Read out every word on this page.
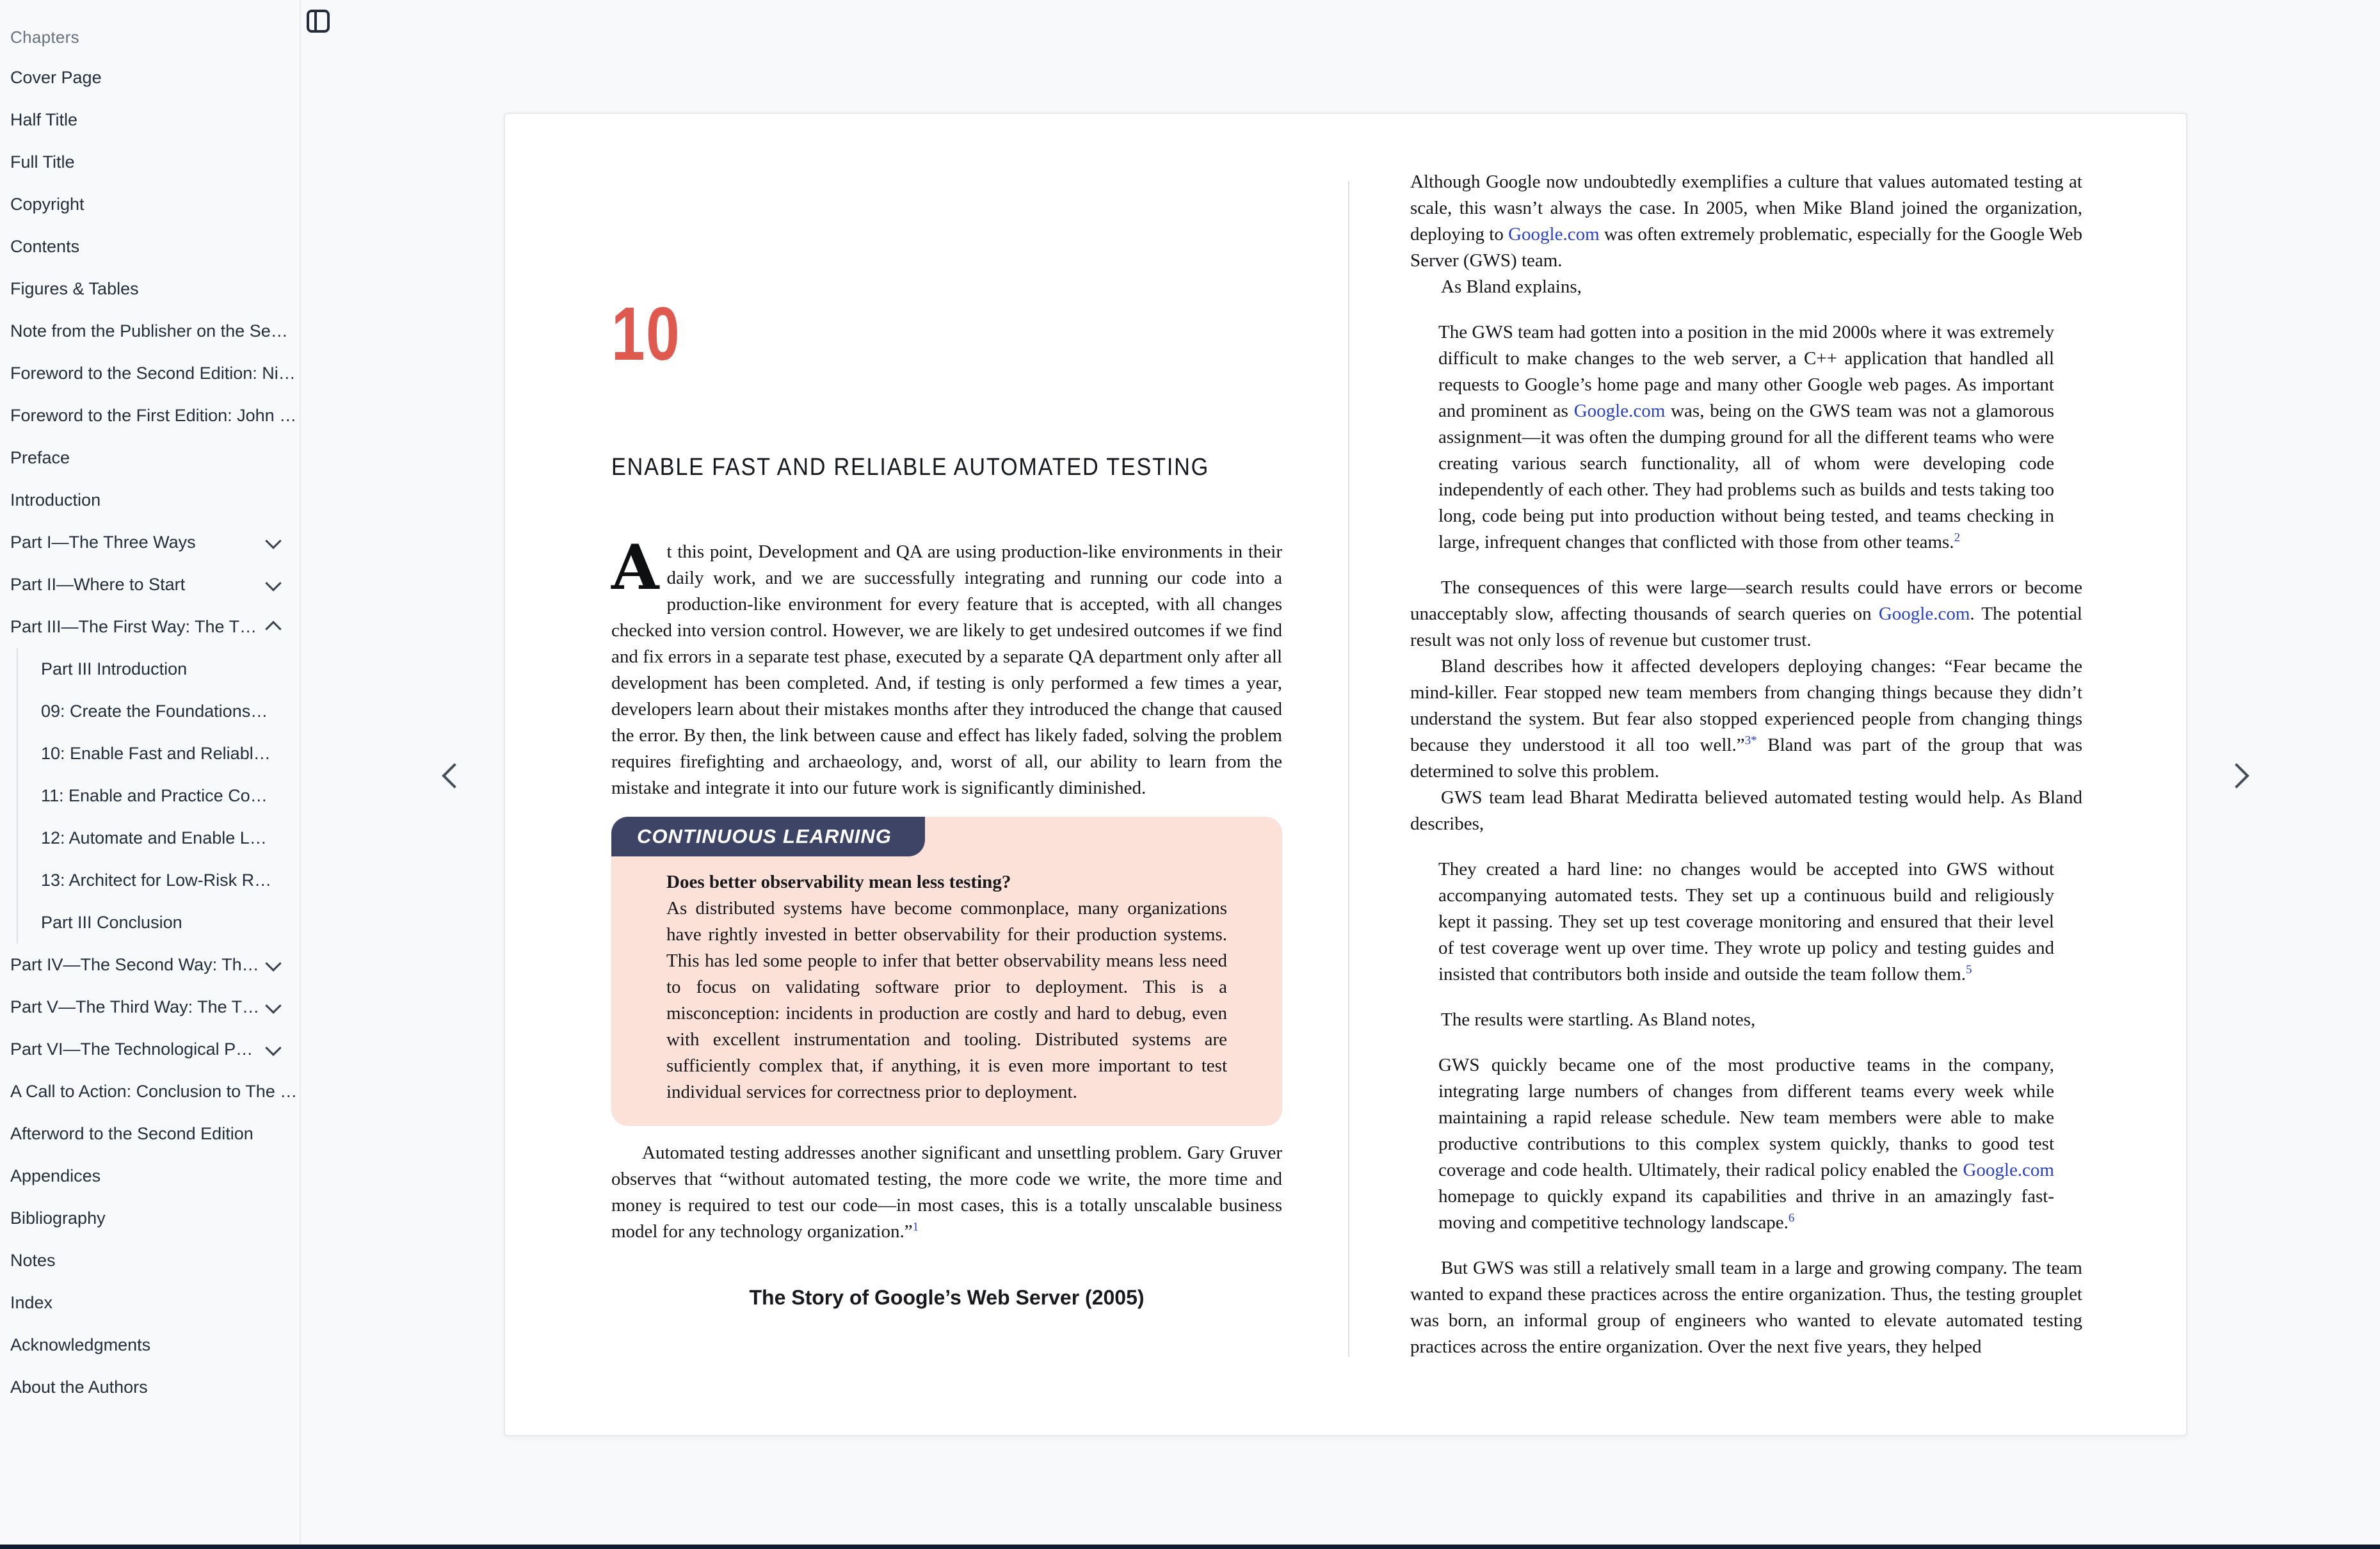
Chapters
Cover Page
Half Title
Full Title
Copyright
Contents
Figures & Tables
Note from the Publisher on the Se…
Foreword to the Second Edition: Ni…
Foreword to the First Edition: John …
Preface
Introduction
Part I—The Three Ways
Part II—Where to Start
Part III—The First Way: The T…
Part III Introduction
09: Create the Foundations…
10: Enable Fast and Reliabl…
11: Enable and Practice Co…
12: Automate and Enable L…
13: Architect for Low-Risk R…
Part III Conclusion
Part IV—The Second Way: Th…
Part V—The Third Way: The T…
Part VI—The Technological P…
A Call to Action: Conclusion to The …
Afterword to the Second Edition
Appendices
Bibliography
Notes
Index
Acknowledgments
About the Authors
10
ENABLE FAST AND RELIABLE AUTOMATED TESTING

At this point, Development and QA are using production-like environments in their daily work, and we are successfully integrating and running our code into a production-like environment for every feature that is accepted, with all changes checked into version control. However, we are likely to get undesired outcomes if we find and fix errors in a separate test phase, executed by a separate QA department only after all development has been completed. And, if testing is only performed a few times a year, developers learn about their mistakes months after they introduced the change that caused the error. By then, the link between cause and effect has likely faded, solving the problem requires firefighting and archaeology, and, worst of all, our ability to learn from the mistake and integrate it into our future work is significantly diminished.

CONTINUOUS LEARNING

Does better observability mean less testing?

As distributed systems have become commonplace, many organizations have rightly invested in better observability for their production systems. This has led some people to infer that better observability means less need to focus on validating software prior to deployment. This is a misconception: incidents in production are costly and hard to debug, even with excellent instrumentation and tooling. Distributed systems are sufficiently complex that, if anything, it is even more important to test individual services for correctness prior to deployment.

Automated testing addresses another significant and unsettling problem. Gary Gruver observes that “without automated testing, the more code we write, the more time and money is required to test our code—in most cases, this is a totally unscalable business model for any technology organization.”$^1$

The Story of Google’s Web Server (2005)

Although Google now undoubtedly exemplifies a culture that values automated testing at scale, this wasn’t always the case. In 2005, when Mike Bland joined the organization, deploying to Google.com was often extremely problematic, especially for the Google Web Server (GWS) team.

As Bland explains,

The GWS team had gotten into a position in the mid 2000s where it was extremely difficult to make changes to the web server, a C++ application that handled all requests to Google’s home page and many other Google web pages. As important and prominent as Google.com was, being on the GWS team was not a glamorous assignment—it was often the dumping ground for all the different teams who were creating various search functionality, all of whom were developing code independently of each other. They had problems such as builds and tests taking too long, code being put into production without being tested, and teams checking in large, infrequent changes that conflicted with those from other teams.$^2$

The consequences of this were large—search results could have errors or become unacceptably slow, affecting thousands of search queries on Google.com. The potential result was not only loss of revenue but customer trust.

Bland describes how it affected developers deploying changes: “Fear became the mind-killer. Fear stopped new team members from changing things because they didn’t understand the system. But fear also stopped experienced people from changing things because they understood it all too well.”$^{3*}$ Bland was part of the group that was determined to solve this problem.

GWS team lead Bharat Mediratta believed automated testing would help. As Bland describes,

They created a hard line: no changes would be accepted into GWS without accompanying automated tests. They set up a continuous build and religiously kept it passing. They set up test coverage monitoring and ensured that their level of test coverage went up over time. They wrote up policy and testing guides and insisted that contributors both inside and outside the team follow them.$^5$

The results were startling. As Bland notes,

GWS quickly became one of the most productive teams in the company, integrating large numbers of changes from different teams every week while maintaining a rapid release schedule. New team members were able to make productive contributions to this complex system quickly, thanks to good test coverage and code health. Ultimately, their radical policy enabled the Google.com homepage to quickly expand its capabilities and thrive in an amazingly fast-moving and competitive technology landscape.$^6$

But GWS was still a relatively small team in a large and growing company. The team wanted to expand these practices across the entire organization. Thus, the testing grouplet was born, an informal group of engineers who wanted to elevate automated testing practices across the entire organization. Over the next five years, they helped
